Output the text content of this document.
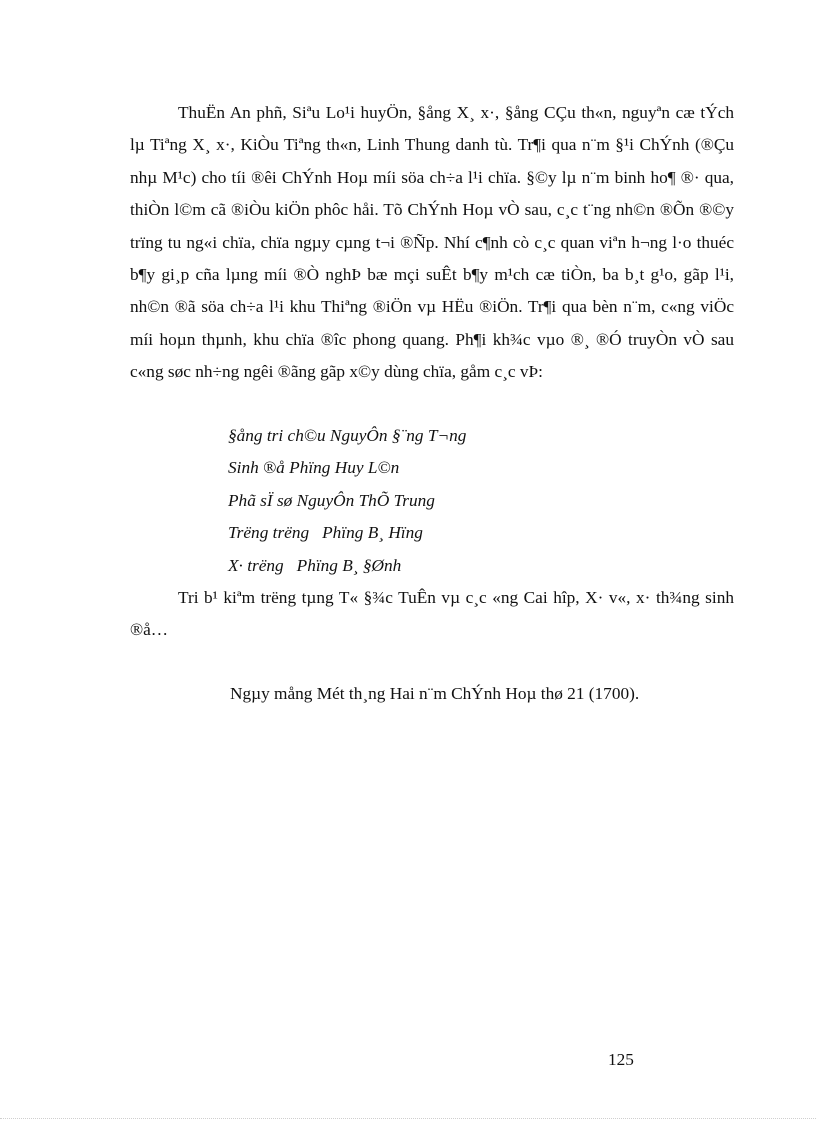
ThuËn An phñ, Siªu Lo¹i huyÖn, §ång X¸ x·, §ång CÇu th«n, nguyªn cæ tÝch lµ Tiªng X¸ x·, KiÒu Tiªng th«n, Linh Thung danh tù. Tr¶i qua n¨m §¹i ChÝnh (®Çu nhµ M¹c) cho tíi ®êi ChÝnh Hoµ míi söa ch÷a l¹i chïa. §©y lµ n¨m binh ho¶ ®· qua, thiÒn l©m cã ®iÒu kiÖn phôc håi. Tõ ChÝnh Hoµ vÒ sau, c¸c t¨ng nh©n ®Õn ®©y trïng tu ng«i chïa, chïa ngµy cµng t¬i ®Ñp. Nhí c¶nh cò c¸c quan viªn h¬ng l·o thuéc b¶y gi¸p cña lµng míi ®Ò nghÞ bæ mçi suÊt b¶y m¹ch cæ tiÒn, ba b¸t g¹o, gãp l¹i, nh©n ®ã söa ch÷a l¹i khu Thiªng ®iÖn vµ HËu ®iÖn. Tr¶i qua bèn n¨m, c«ng viÖc míi hoµn thµnh, khu chïa ®îc phong quang. Ph¶i kh¾c vµo ®¸ ®Ó truyÒn vÒ sau c«ng søc nh÷ng ngêi ®ãng gãp x©y dùng chïa, gåm c¸c vÞ:

§ång tri ch©u NguyÔn §¨ng T¬ng
Sinh ®å Phïng Huy L©n
Phã sÏ sø NguyÔn ThÕ Trung
Trëng trëng   Phïng B¸ Hïng
X· trëng   Phïng B¸ §Ønh

Tri b¹ kiªm trëng tµng T« §¾c TuÊn vµ c¸c «ng Cai hîp, X· v«, x· th¾ng sinh ®å…

Ngµy mång Mét th¸ng Hai n¨m ChÝnh Hoµ thø 21 (1700).

125
